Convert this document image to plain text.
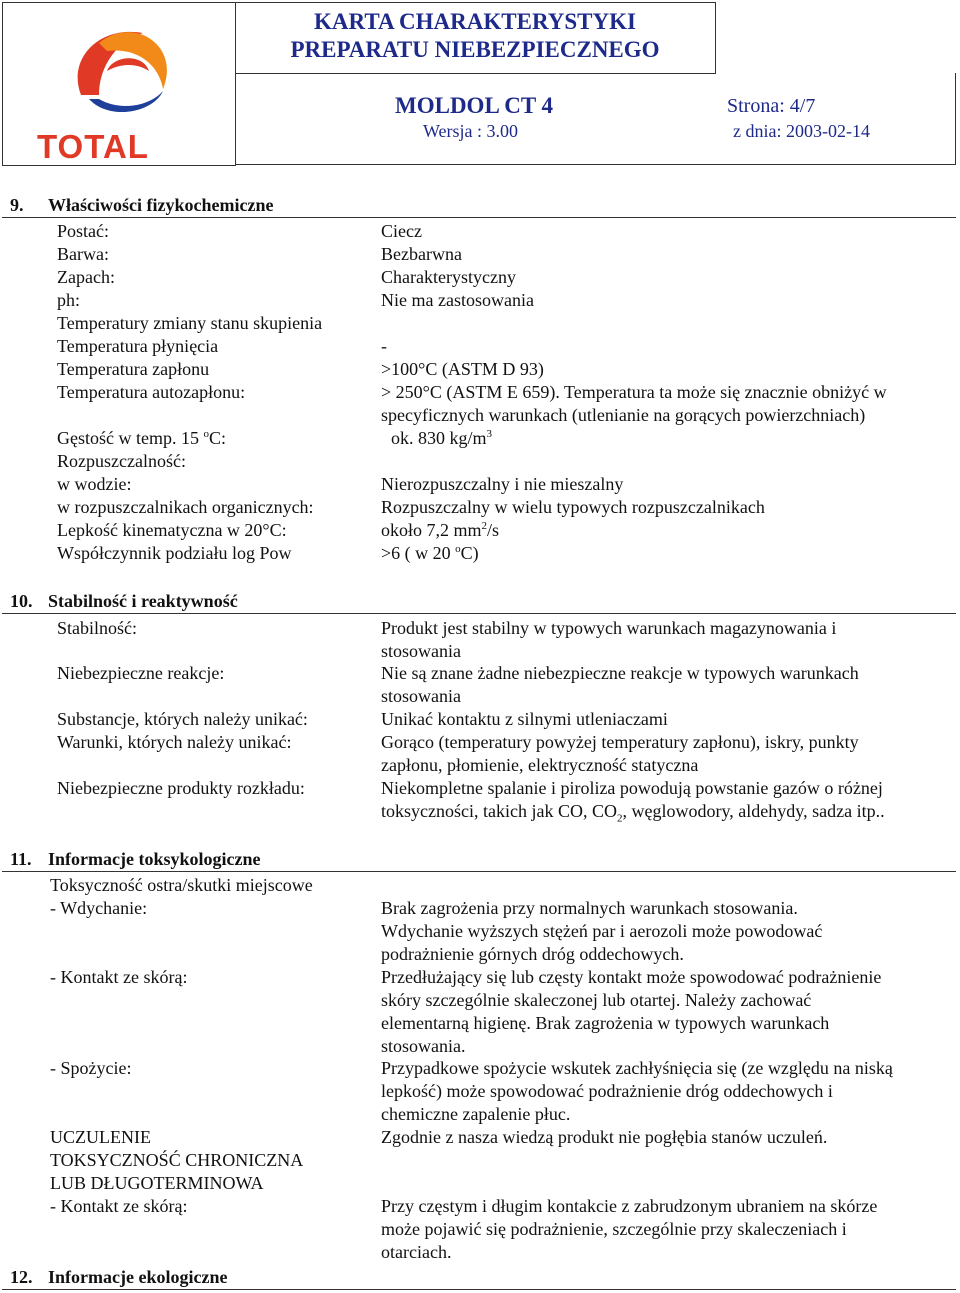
TOTAL
KARTA CHARAKTERYSTYKI
PREPARATU NIEBEZPIECZNEGO
MOLDOL CT 4	Strona: 4/7
Wersja : 3.00	z dnia: 2003-02-14
9. Właściwości fizykochemiczne
Postać:	Ciecz
Barwa:	Bezbarwna
Zapach:	Charakterystyczny
ph:	Nie ma zastosowania
Temperatury zmiany stanu skupienia
Temperatura płynięcia	-
Temperatura zapłonu	>100°C (ASTM D 93)
Temperatura autozapłonu:	> 250°C (ASTM E 659). Temperatura ta może się znacznie obniżyć w
specyficznych warunkach (utlenianie na gorących powierzchniach)
Gęstość w temp. 15 $^o$C:	ok. 830 $kg/m^3$
Rozpuszczalność:
w wodzie:	Nierozpuszczalny i nie mieszalny
w rozpuszczalnikach organicznych:	Rozpuszczalny w wielu typowych rozpuszczalnikach
Lepkość kinematyczna w 20°C:	około 7,2 $mm^2/s$
Współczynnik podziału log Pow	>6 ( w 20 $^o$C)
10. Stabilność i reaktywność
Stabilność:	Produkt jest stabilny w typowych warunkach magazynowania i
stosowania
Niebezpieczne reakcje:	Nie są znane żadne niebezpieczne reakcje w typowych warunkach
stosowania
Substancje, których należy unikać:	Unikać kontaktu z silnymi utleniaczami
Warunki, których należy unikać:	Gorąco (temperatury powyżej temperatury zapłonu), iskry, punkty
zapłonu, płomienie, elektryczność statyczna
Niebezpieczne produkty rozkładu:	Niekompletne spalanie i piroliza powodują powstanie gazów o różnej
toksyczności, takich jak CO, $CO_2$, węglowodory, aldehydy, sadza itp..
11. Informacje toksykologiczne
Toksyczność ostra/skutki miejscowe
- Wdychanie:	Brak zagrożenia przy normalnych warunkach stosowania.
Wdychanie wyższych stężeń par i aerozoli może powodować
podrażnienie górnych dróg oddechowych.
- Kontakt ze skórą:	Przedłużający się lub częsty kontakt może spowodować podrażnienie
skóry szczególnie skaleczonej lub otartej. Należy zachować
elementarną higienę. Brak zagrożenia w typowych warunkach
stosowania.
- Spożycie:	Przypadkowe spożycie wskutek zachłyśnięcia się (ze względu na niską
lepkość) może spowodować podrażnienie dróg oddechowych i
chemiczne zapalenie płuc.
UCZULENIE	Zgodnie z nasza wiedzą produkt nie pogłębia stanów uczuleń.
TOKSYCZNOŚĆ CHRONICZNA
LUB DŁUGOTERMINOWA
- Kontakt ze skórą:	Przy częstym i długim kontakcie z zabrudzonym ubraniem na skórze
może pojawić się podrażnienie, szczególnie przy skaleczeniach i
otarciach.
12. Informacje ekologiczne
